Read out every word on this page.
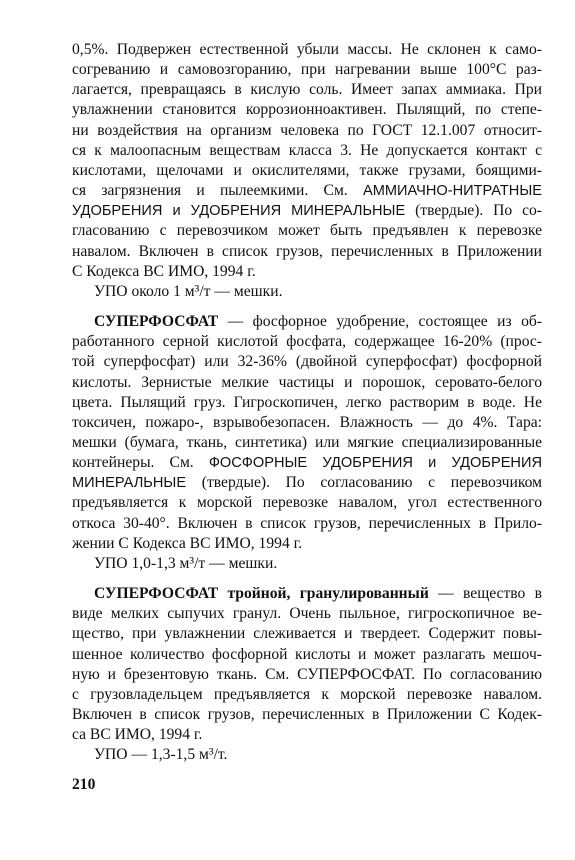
0,5%. Подвержен естественной убыли массы. Не склонен к само-
согреванию и самовозгоранию, при нагревании выше 100°С раз-
лагается, превращаясь в кислую соль. Имеет запах аммиака. При
увлажнении становится коррозионноактивен. Пылящий, по степе-
ни воздействия на организм человека по ГОСТ 12.1.007 относит-
ся к малоопасным веществам класса 3. Не допускается контакт с
кислотами, щелочами и окислителями, также грузами, боящими-
ся загрязнения и пылеемкими. См. АММИАЧНО-НИТРАТНЫЕ
УДОБРЕНИЯ и УДОБРЕНИЯ МИНЕРАЛЬНЫЕ (твердые). По со-
гласованию с перевозчиком может быть предъявлен к перевозке
навалом. Включен в список грузов, перечисленных в Приложении
С Кодекса ВС ИМО, 1994 г.
УПО около 1 м³/т — мешки.
СУПЕРФОСФАТ — фосфорное удобрение, состоящее из об-
работанного серной кислотой фосфата, содержащее 16-20% (прос-
той суперфосфат) или 32-36% (двойной суперфосфат) фосфорной
кислоты. Зернистые мелкие частицы и порошок, серовато-белого
цвета. Пылящий груз. Гигроскопичен, легко растворим в воде. Не
токсичен, пожаро-, взрывобезопасен. Влажность — до 4%. Тара:
мешки (бумага, ткань, синтетика) или мягкие специализированные
контейнеры. См. ФОСФОРНЫЕ УДОБРЕНИЯ и УДОБРЕНИЯ
МИНЕРАЛЬНЫЕ (твердые). По согласованию с перевозчиком
предъявляется к морской перевозке навалом, угол естественного
откоса 30-40°. Включен в список грузов, перечисленных в Прило-
жении С Кодекса ВС ИМО, 1994 г.
УПО 1,0-1,3 м³/т — мешки.
СУПЕРФОСФАТ тройной, гранулированный — вещество в
виде мелких сыпучих гранул. Очень пыльное, гигроскопичное ве-
щество, при увлажнении слеживается и твердеет. Содержит повы-
шенное количество фосфорной кислоты и может разлагать мешоч-
ную и брезентовую ткань. См. СУПЕРФОСФАТ. По согласованию
с грузовладельцем предъявляется к морской перевозке навалом.
Включен в список грузов, перечисленных в Приложении С Кодек-
са ВС ИМО, 1994 г.
УПО — 1,3-1,5 м³/т.
210
